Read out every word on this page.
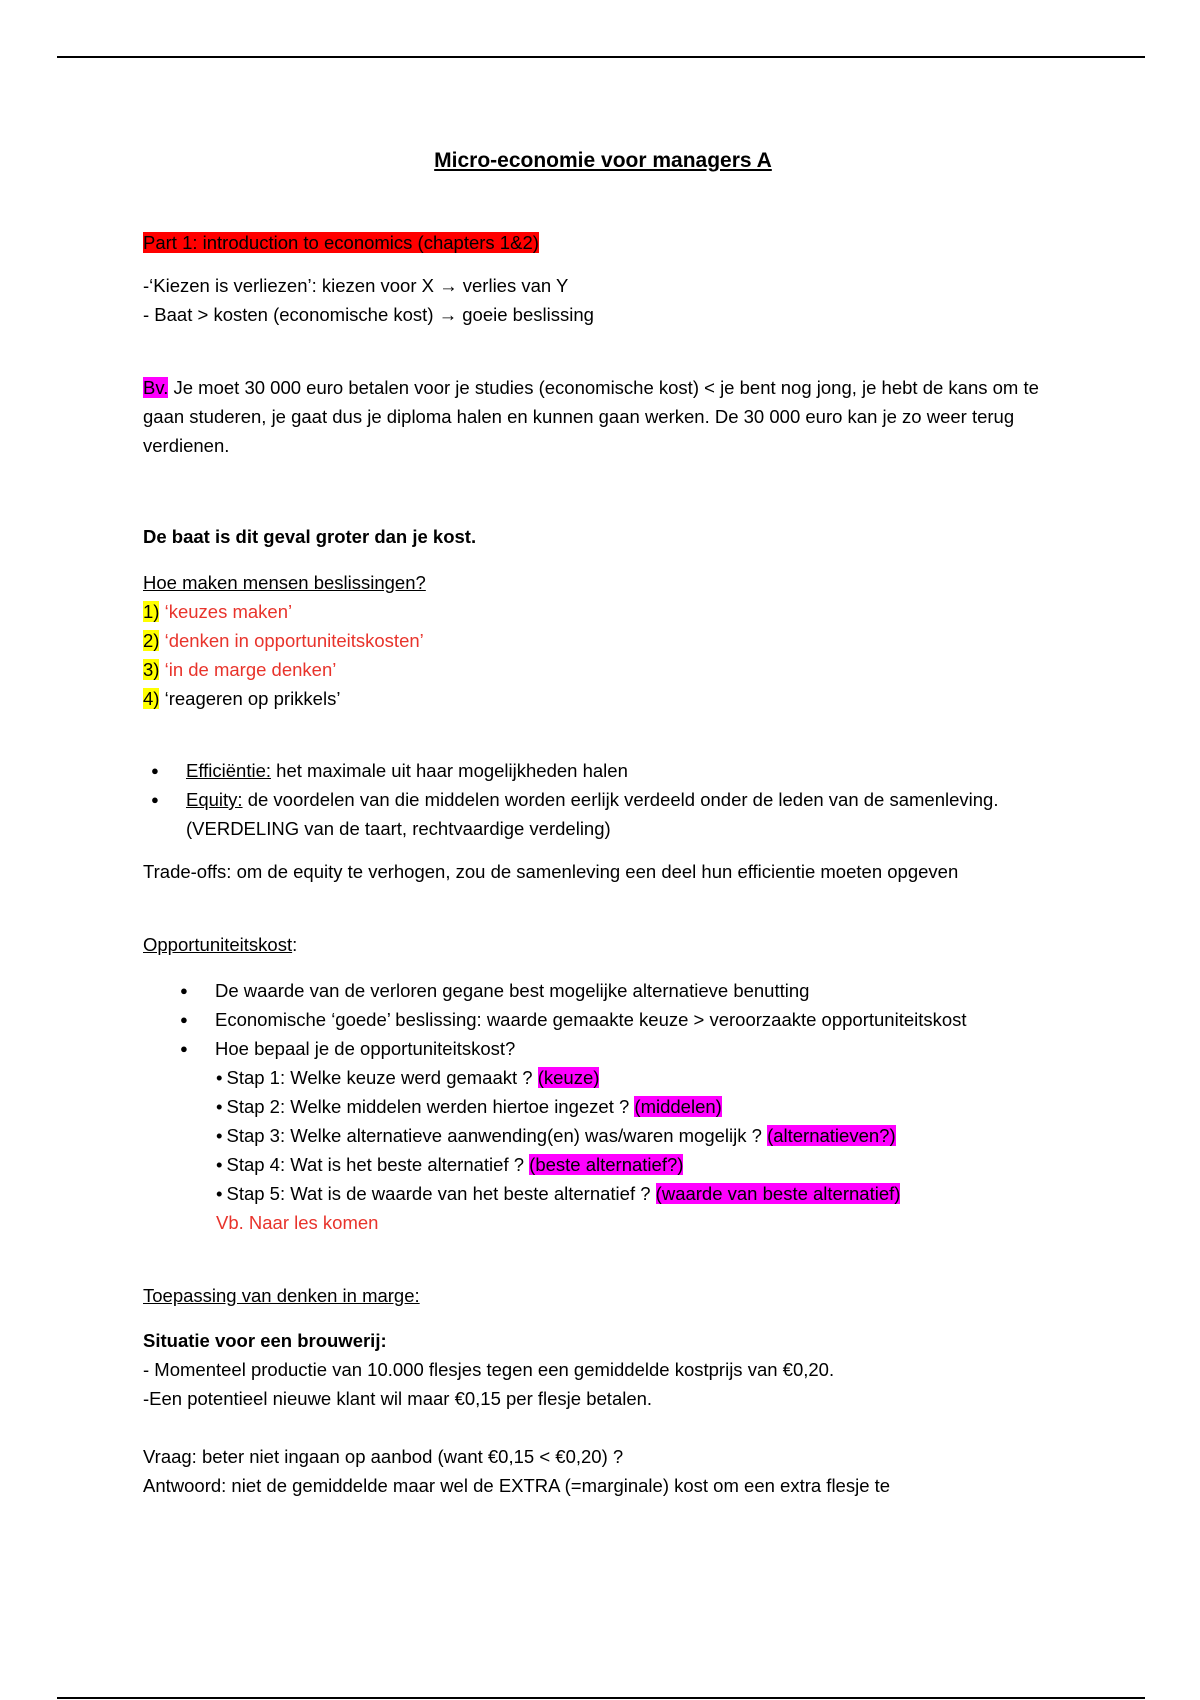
Micro-economie voor managers A

Part 1: introduction to economics (chapters 1&2)

-‘Kiezen is verliezen’: kiezen voor X → verlies van Y

- Baat > kosten (economische kost) → goeie beslissing

Bv. Je moet 30 000 euro betalen voor je studies (economische kost) < je bent nog jong, je hebt de kans om te gaan studeren, je gaat dus je diploma halen en kunnen gaan werken. De 30 000 euro kan je zo weer terug verdienen.

De baat is dit geval groter dan je kost.

Hoe maken mensen beslissingen?

1) ‘keuzes maken’
2) ‘denken in opportuniteitskosten’
3) ‘in de marge denken’
4) ‘reageren op prikkels’
● Efficiëntie: het maximale uit haar mogelijkheden halen
● Equity: de voordelen van die middelen worden eerlijk verdeeld onder de leden van de samenleving. (VERDELING van de taart, rechtvaardige verdeling)

Trade-offs: om de equity te verhogen, zou de samenleving een deel hun efficientie moeten opgeven

Opportuniteitskost:

● De waarde van de verloren gegane best mogelijke alternatieve benutting
● Economische ‘goede’ beslissing: waarde gemaakte keuze > veroorzaakte opportuniteitskost
● Hoe bepaal je de opportuniteitskost?
• Stap 1: Welke keuze werd gemaakt ? (keuze)
• Stap 2: Welke middelen werden hiertoe ingezet ? (middelen)
• Stap 3: Welke alternatieve aanwending(en) was/waren mogelijk ? (alternatieven?)
• Stap 4: Wat is het beste alternatief ? (beste alternatief?)
• Stap 5: Wat is de waarde van het beste alternatief ? (waarde van beste alternatief)

Vb. Naar les komen

Toepassing van denken in marge:

Situatie voor een brouwerij:

- Momenteel productie van 10.000 flesjes tegen een gemiddelde kostprijs van €0,20.

-Een potentieel nieuwe klant wil maar €0,15 per flesje betalen.

Vraag: beter niet ingaan op aanbod (want €0,15 < €0,20) ?

Antwoord: niet de gemiddelde maar wel de EXTRA (=marginale) kost om een extra flesje te
